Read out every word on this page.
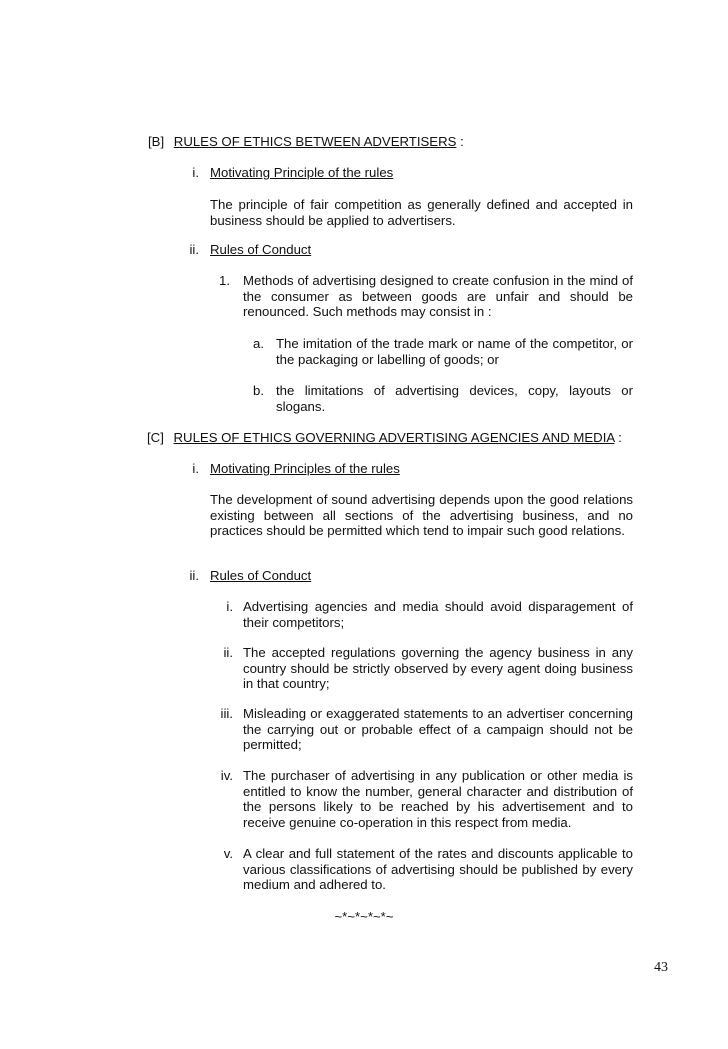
[B] RULES OF ETHICS BETWEEN ADVERTISERS :
i. Motivating Principle of the rules
The principle of fair competition as generally defined and accepted in business should be applied to advertisers.
ii. Rules of Conduct
1. Methods of advertising designed to create confusion in the mind of the consumer as between goods are unfair and should be renounced. Such methods may consist in :
a. The imitation of the trade mark or name of the competitor, or the packaging or labelling of goods; or
b. the limitations of advertising devices, copy, layouts or slogans.
[C] RULES OF ETHICS GOVERNING ADVERTISING AGENCIES AND MEDIA :
i. Motivating Principles of the rules
The development of sound advertising depends upon the good relations existing between all sections of the advertising business, and no practices should be permitted which tend to impair such good relations.
ii. Rules of Conduct
i. Advertising agencies and media should avoid disparagement of their competitors;
ii. The accepted regulations governing the agency business in any country should be strictly observed by every agent doing business in that country;
iii. Misleading or exaggerated statements to an advertiser concerning the carrying out or probable effect of a campaign should not be permitted;
iv. The purchaser of advertising in any publication or other media is entitled to know the number, general character and distribution of the persons likely to be reached by his advertisement and to receive genuine co-operation in this respect from media.
v. A clear and full statement of the rates and discounts applicable to various classifications of advertising should be published by every medium and adhered to.
~*~*~*~*~
43
